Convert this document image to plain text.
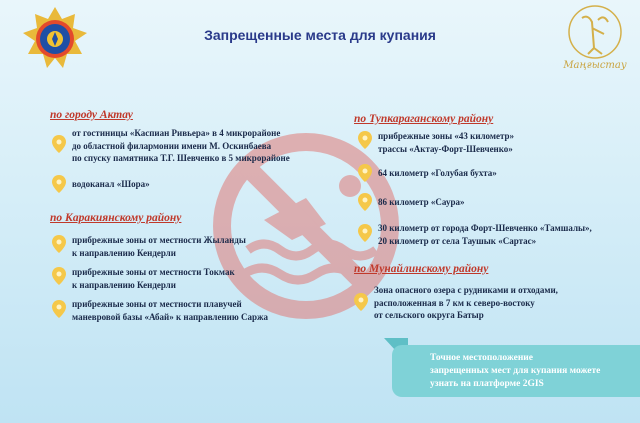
Маңғыстау
Запрещенные места для купания
по городу Актау
от гостиницы «Каспиан Ривьера» в 4 микрорайоне
до областной филармонии имени М. Оскинбаева
по спуску памятника Т.Г. Шевченко в 5 микрорайоне
водоканал «Шора»
по Каракиянскому району
прибрежные зоны от местности Жыланды
к направлению Кендерли
прибрежные зоны от местности Токмак
к направлению Кендерли
прибрежные зоны от местности плавучей
маневровой базы «Абай» к направлению Саржа
по Тупкараганскому району
прибрежные зоны «43 километр»
трассы «Актау-Форт-Шевченко»
64 километр «Голубая бухта»
86 километр «Саура»
30 километр от города Форт-Шевченко «Тамшалы»,
20 километр от села Таушык «Сартас»
по Мунайлинскому району
Зона опасного озера с рудниками и отходами,
расположенная в 7 км к северо-востоку
от сельского округа Батыр
Точное местоположение
запрещенных мест для купания можете
узнать на платформе 2GIS
